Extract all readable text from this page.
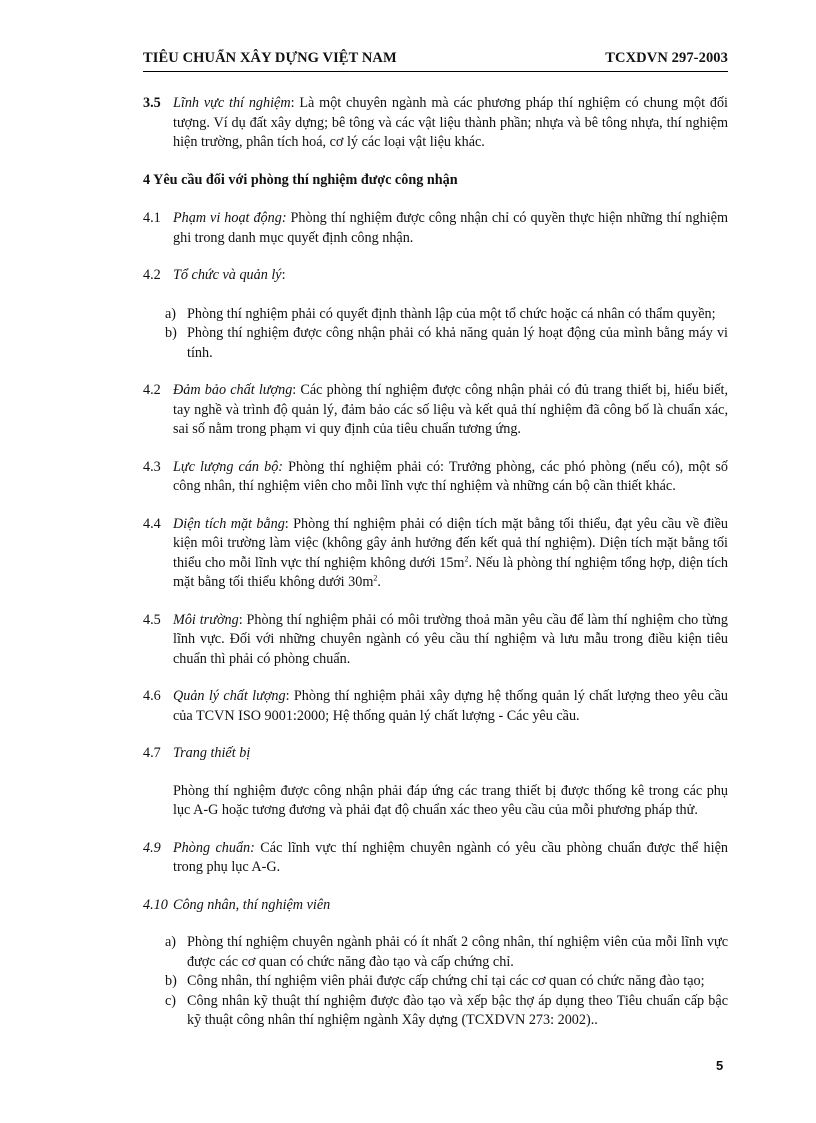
TIÊU CHUẨN XÂY DỰNG VIỆT NAM	TCXDVN 297-2003
3.5 Lĩnh vực thí nghiệm: Là một chuyên ngành mà các phương pháp thí nghiệm có chung một đối tượng. Ví dụ đất xây dựng; bê tông và các vật liệu thành phần; nhựa và bê tông nhựa, thí nghiệm hiện trường, phân tích hoá, cơ lý các loại vật liệu khác.
4 Yêu cầu đối với phòng thí nghiệm được công nhận
4.1 Phạm vi hoạt động: Phòng thí nghiệm được công nhận chỉ có quyền thực hiện những thí nghiệm ghi trong danh mục quyết định công nhận.
4.2 Tổ chức và quản lý:
a) Phòng thí nghiệm phải có quyết định thành lập của một tổ chức hoặc cá nhân có thẩm quyền;
b) Phòng thí nghiệm được công nhận phải có khả năng quản lý hoạt động của mình bằng máy vi tính.
4.2 Đảm bảo chất lượng: Các phòng thí nghiệm được công nhận phải có đủ trang thiết bị, hiểu biết, tay nghề và trình độ quản lý, đảm bảo các số liệu và kết quả thí nghiệm đã công bố là chuẩn xác, sai số nằm trong phạm vi quy định của tiêu chuẩn tương ứng.
4.3 Lực lượng cán bộ: Phòng thí nghiệm phải có: Trưởng phòng, các phó phòng (nếu có), một số công nhân, thí nghiệm viên cho mỗi lĩnh vực thí nghiệm và những cán bộ cần thiết khác.
4.4 Diện tích mặt bằng: Phòng thí nghiệm phải có diện tích mặt bằng tối thiểu, đạt yêu cầu về điều kiện môi trường làm việc (không gây ảnh hưởng đến kết quả thí nghiệm). Diện tích mặt bằng tối thiểu cho mỗi lĩnh vực thí nghiệm không dưới $15m^2$. Nếu là phòng thí nghiệm tổng hợp, diện tích mặt bằng tối thiểu không dưới $30m^2$.
4.5 Môi trường: Phòng thí nghiệm phải có môi trường thoả mãn yêu cầu để làm thí nghiệm cho từng lĩnh vực. Đối với những chuyên ngành có yêu cầu thí nghiệm và lưu mẫu trong điều kiện tiêu chuẩn thì phải có phòng chuẩn.
4.6 Quản lý chất lượng: Phòng thí nghiệm phải xây dựng hệ thống quản lý chất lượng theo yêu cầu của TCVN ISO 9001:2000; Hệ thống quản lý chất lượng - Các yêu cầu.
4.7 Trang thiết bị
Phòng thí nghiệm được công nhận phải đáp ứng các trang thiết bị được thống kê trong các phụ lục A-G hoặc tương đương và phải đạt độ chuẩn xác theo yêu cầu của mỗi phương pháp thử.
4.9 Phòng chuẩn: Các lĩnh vực thí nghiệm chuyên ngành có yêu cầu phòng chuẩn được thể hiện trong phụ lục A-G.
4.10 Công nhân, thí nghiệm viên
a) Phòng thí nghiệm chuyên ngành phải có ít nhất 2 công nhân, thí nghiệm viên của mỗi lĩnh vực được các cơ quan có chức năng đào tạo và cấp chứng chỉ.
b) Công nhân, thí nghiệm viên phải được cấp chứng chỉ tại các cơ quan có chức năng đào tạo;
c) Công nhân kỹ thuật thí nghiệm được đào tạo và xếp bậc thợ áp dụng theo Tiêu chuẩn cấp bậc kỹ thuật công nhân thí nghiệm ngành Xây dựng (TCXDVN 273: 2002)..
5
